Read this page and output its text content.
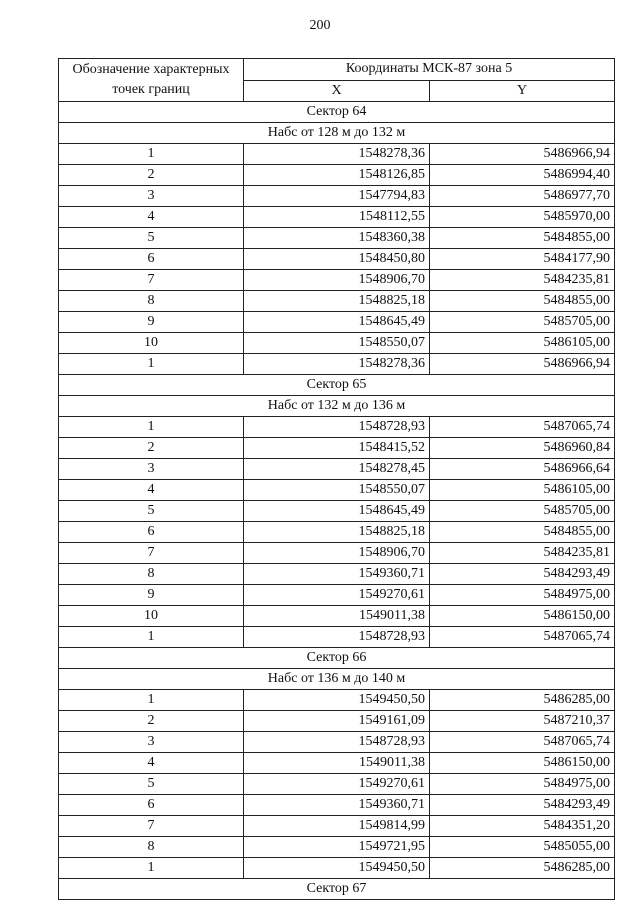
200
Обозначение характерных точек границ	Координаты МСК-87 зона 5	
	X	Y
Сектор 64		
Набс от 128 м до 132 м		
1	1548278,36	5486966,94
2	1548126,85	5486994,40
3	1547794,83	5486977,70
4	1548112,55	5485970,00
5	1548360,38	5484855,00
6	1548450,80	5484177,90
7	1548906,70	5484235,81
8	1548825,18	5484855,00
9	1548645,49	5485705,00
10	1548550,07	5486105,00
1	1548278,36	5486966,94
Сектор 65		
Набс от 132 м до 136 м		
1	1548728,93	5487065,74
2	1548415,52	5486960,84
3	1548278,45	5486966,64
4	1548550,07	5486105,00
5	1548645,49	5485705,00
6	1548825,18	5484855,00
7	1548906,70	5484235,81
8	1549360,71	5484293,49
9	1549270,61	5484975,00
10	1549011,38	5486150,00
1	1548728,93	5487065,74
Сектор 66		
Набс от 136 м до 140 м		
1	1549450,50	5486285,00
2	1549161,09	5487210,37
3	1548728,93	5487065,74
4	1549011,38	5486150,00
5	1549270,61	5484975,00
6	1549360,71	5484293,49
7	1549814,99	5484351,20
8	1549721,95	5485055,00
1	1549450,50	5486285,00
Сектор 67		
